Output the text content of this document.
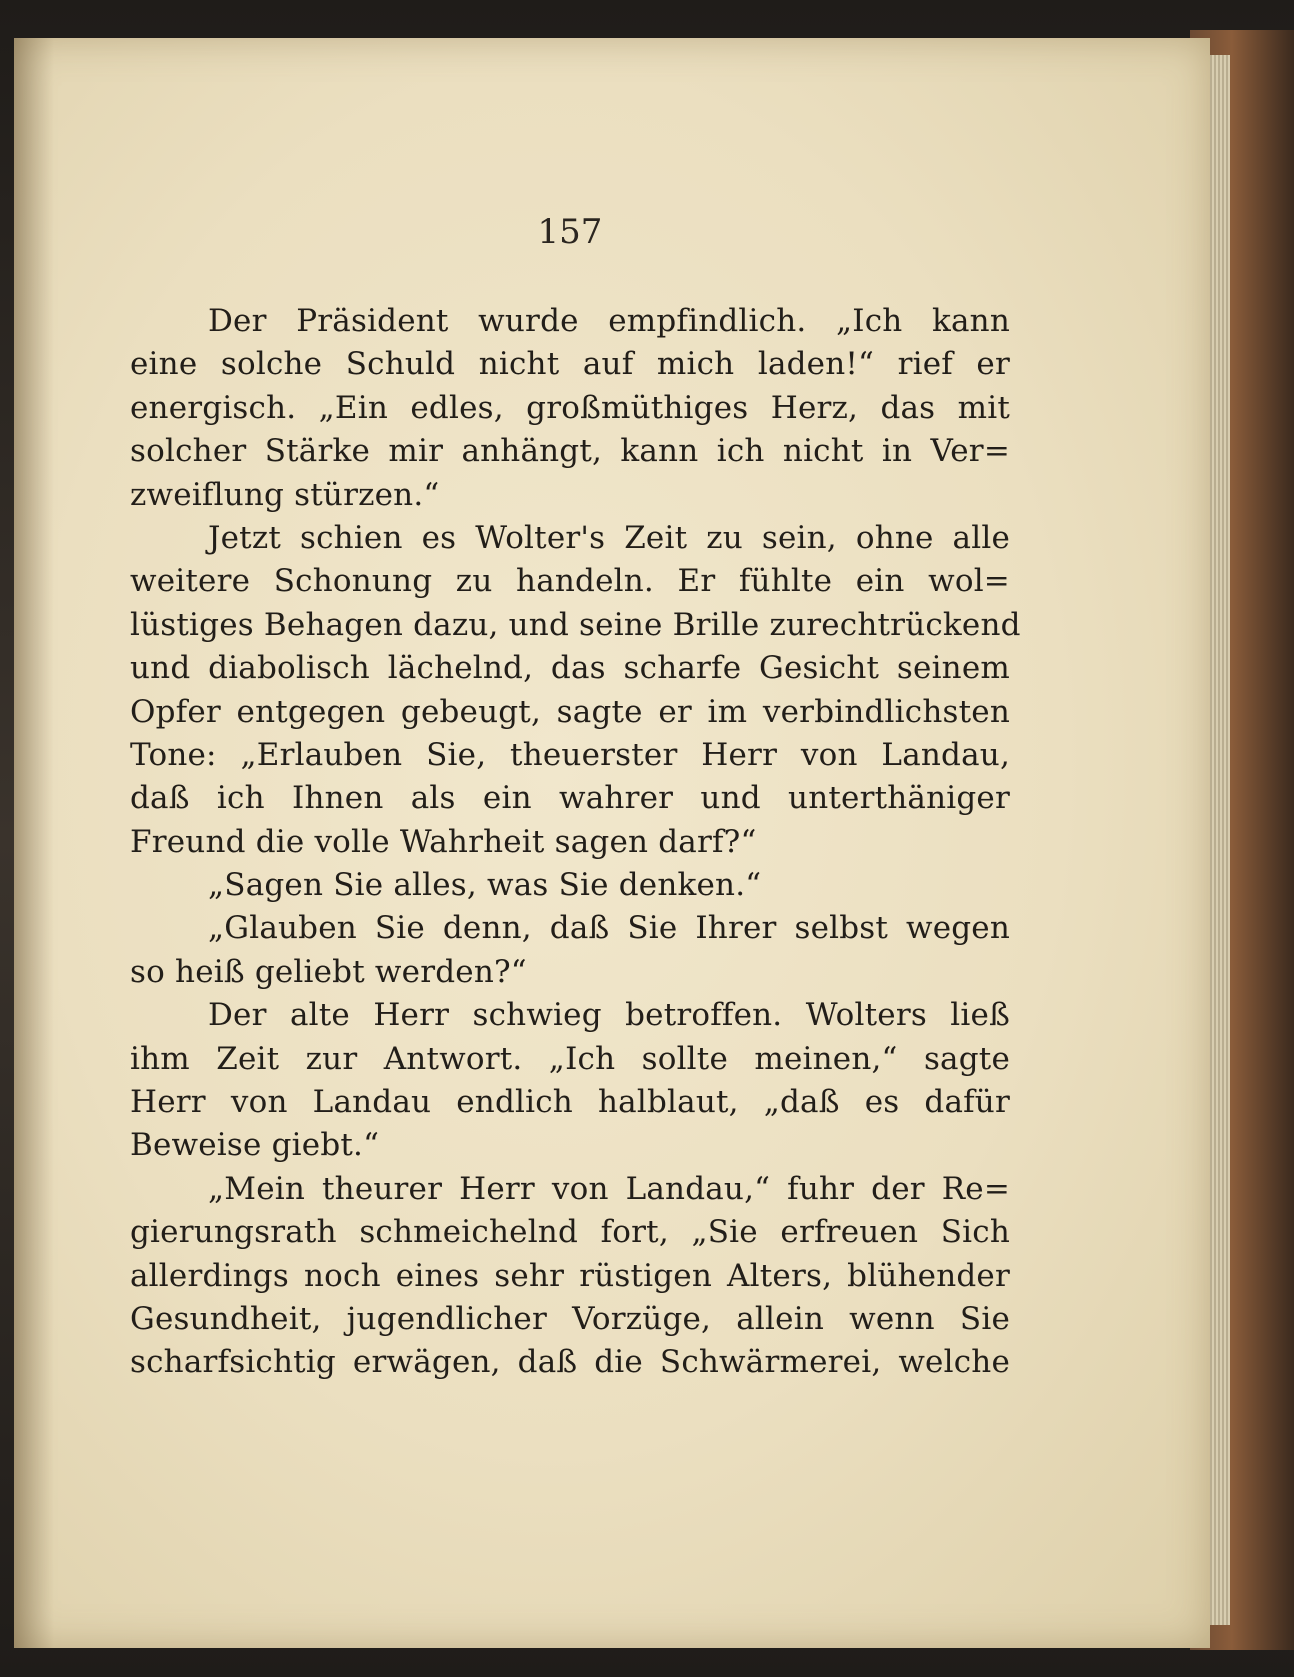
157
Der Präsident wurde empfindlich. „Ich kann
eine solche Schuld nicht auf mich laden!“ rief er
energisch. „Ein edles, großmüthiges Herz, das mit
solcher Stärke mir anhängt, kann ich nicht in Ver=
zweiflung stürzen.“
Jetzt schien es Wolter's Zeit zu sein, ohne alle
weitere Schonung zu handeln. Er fühlte ein wol=
lüstiges Behagen dazu, und seine Brille zurechtrückend
und diabolisch lächelnd, das scharfe Gesicht seinem
Opfer entgegen gebeugt, sagte er im verbindlichsten
Tone: „Erlauben Sie, theuerster Herr von Landau,
daß ich Ihnen als ein wahrer und unterthäniger
Freund die volle Wahrheit sagen darf?“
„Sagen Sie alles, was Sie denken.“
„Glauben Sie denn, daß Sie Ihrer selbst wegen
so heiß geliebt werden?“
Der alte Herr schwieg betroffen. Wolters ließ
ihm Zeit zur Antwort. „Ich sollte meinen,“ sagte
Herr von Landau endlich halblaut, „daß es dafür
Beweise giebt.“
„Mein theurer Herr von Landau,“ fuhr der Re=
gierungsrath schmeichelnd fort, „Sie erfreuen Sich
allerdings noch eines sehr rüstigen Alters, blühender
Gesundheit, jugendlicher Vorzüge, allein wenn Sie
scharfsichtig erwägen, daß die Schwärmerei, welche
